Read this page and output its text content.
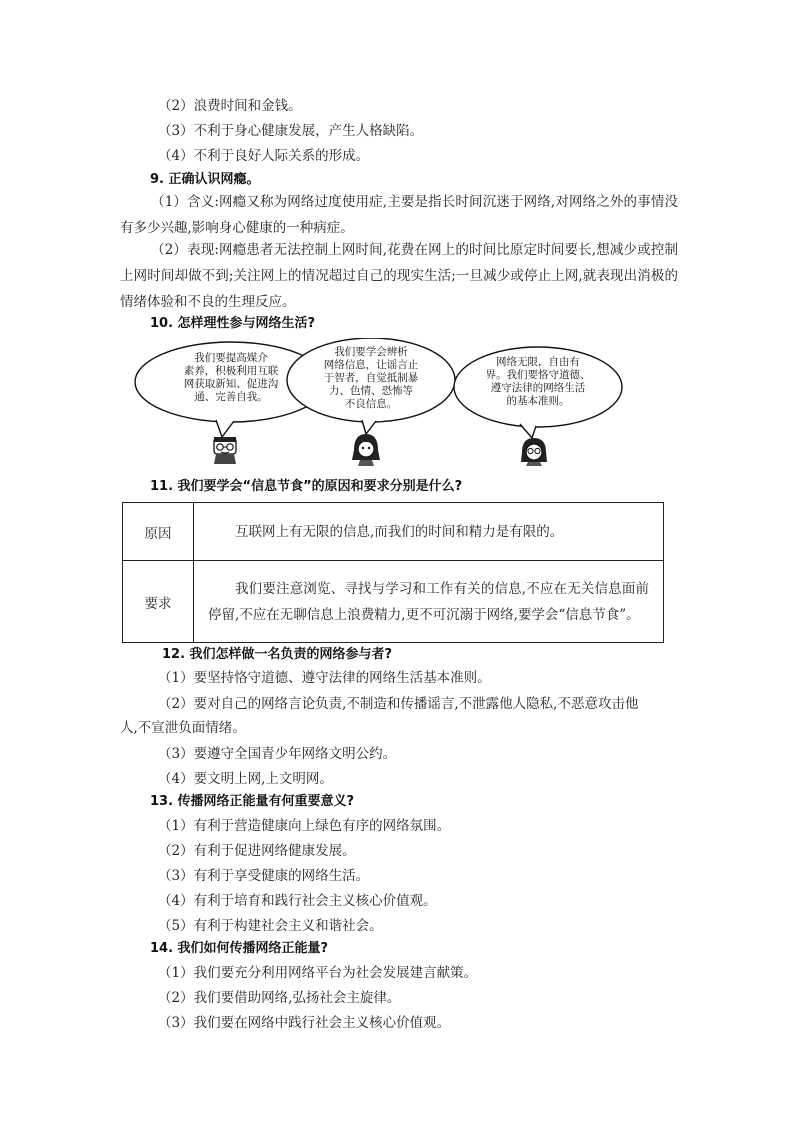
（2）浪费时间和金钱。
（3）不利于身心健康发展，产生人格缺陷。
（4）不利于良好人际关系的形成。
9. 正确认识网瘾。
（1）含义:网瘾又称为网络过度使用症,主要是指长时间沉迷于网络,对网络之外的事情没有多少兴趣,影响身心健康的一种病症。
（2）表现:网瘾患者无法控制上网时间,花费在网上的时间比原定时间要长,想减少或控制上网时间却做不到;关注网上的情况超过自己的现实生活;一旦减少或停止上网,就表现出消极的情绪体验和不良的生理反应。
10. 怎样理性参与网络生活?
我们要提高媒介
素养，积极利用互联
网获取新知、促进沟
通、完善自我。
我们要学会辨析
网络信息，让谣言止
于智者，自觉抵制暴
力、色情、恐怖等
不良信息。
网络无限，自由有
界。我们要恪守道德、
遵守法律的网络生活
的基本准则。
11. 我们要学会“信息节食”的原因和要求分别是什么?
原因	互联网上有无限的信息,而我们的时间和精力是有限的。

要求	我们要注意浏览、寻找与学习和工作有关的信息,不应在无关信息面前停留,不应在无聊信息上浪费精力,更不可沉溺于网络,要学会“信息节食”。
12. 我们怎样做一名负责的网络参与者?
（1）要坚持恪守道德、遵守法律的网络生活基本准则。
（2）要对自己的网络言论负责,不制造和传播谣言,不泄露他人隐私,不恶意攻击他
人,不宣泄负面情绪。
（3）要遵守全国青少年网络文明公约。
（4）要文明上网,上文明网。
13. 传播网络正能量有何重要意义?
（1）有利于营造健康向上绿色有序的网络氛围。
（2）有利于促进网络健康发展。
（3）有利于享受健康的网络生活。
（4）有利于培育和践行社会主义核心价值观。
（5）有利于构建社会主义和谐社会。
14. 我们如何传播网络正能量?
（1）我们要充分利用网络平台为社会发展建言献策。
（2）我们要借助网络,弘扬社会主旋律。
（3）我们要在网络中践行社会主义核心价值观。
